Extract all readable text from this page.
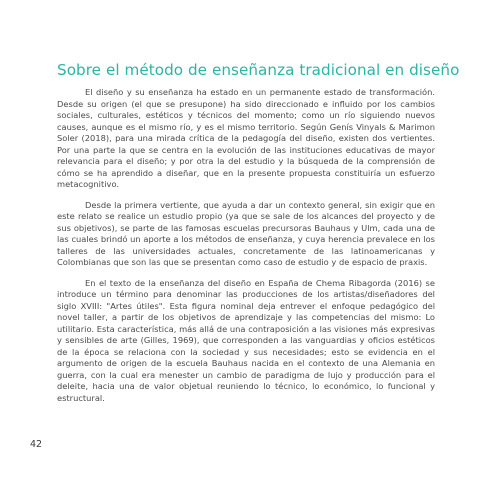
Sobre el método de enseñanza tradicional en diseño

El diseño y su enseñanza ha estado en un permanente estado de transformación. Desde su origen (el que se presupone) ha sido direccionado e influido por los cambios sociales, culturales, estéticos y técnicos del momento; como un río siguiendo nuevos causes, aunque es el mismo río, y es el mismo territorio. Según Genís Vinyals & Marimon Soler (2018), para una mirada crítica de la pedagogía del diseño, existen dos vertientes. Por una parte la que se centra en la evolución de las instituciones educativas de mayor relevancia para el diseño; y por otra la del estudio y la búsqueda de la comprensión de cómo se ha aprendido a diseñar, que en la presente propuesta constituiría un esfuerzo metacognitivo.

Desde la primera vertiente, que ayuda a dar un contexto general, sin exigir que en este relato se realice un estudio propio (ya que se sale de los alcances del proyecto y de sus objetivos), se parte de las famosas escuelas precursoras Bauhaus y Ulm, cada una de las cuales brindó un aporte a los métodos de enseñanza, y cuya herencia prevalece en los talleres de las universidades actuales, concretamente de las latinoamericanas y Colombianas que son las que se presentan como caso de estudio y de espacio de praxis.

En el texto de la enseñanza del diseño en España de Chema Ribagorda (2016) se introduce un término para denominar las producciones de los artistas/diseñadores del siglo XVIII: "Artes útiles". Esta figura nominal deja entrever el enfoque pedagógico del novel taller, a partir de los objetivos de aprendizaje y las competencias del mismo: Lo utilitario. Esta característica, más allá de una contraposición a las visiones más expresivas y sensibles de arte (Gilles, 1969), que corresponden a las vanguardias y oficios estéticos de la época se relaciona con la sociedad y sus necesidades; esto se evidencia en el argumento de origen de la escuela Bauhaus nacida en el contexto de una Alemania en guerra, con la cual era menester un cambio de paradigma de lujo y producción para el deleite, hacia una de valor objetual reuniendo lo técnico, lo económico, lo funcional y estructural.

42
